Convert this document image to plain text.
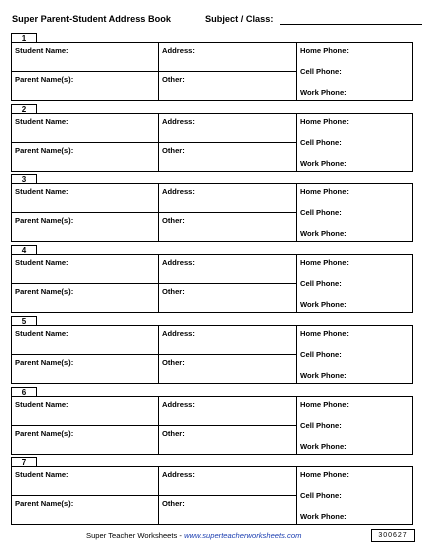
Super Parent-Student Address Book	Subject / Class:
1
Student Name:	Address:	Home Phone:
Parent Name(s):	Other:
Cell Phone:
Work Phone:
2
Student Name:	Address:	Home Phone:
Parent Name(s):	Other:
Cell Phone:
Work Phone:
3
Student Name:	Address:	Home Phone:
Parent Name(s):	Other:
Cell Phone:
Work Phone:
4
Student Name:	Address:	Home Phone:
Parent Name(s):	Other:
Cell Phone:
Work Phone:
5
Student Name:	Address:	Home Phone:
Parent Name(s):	Other:
Cell Phone:
Work Phone:
6
Student Name:	Address:	Home Phone:
Parent Name(s):	Other:
Cell Phone:
Work Phone:
7
Student Name:	Address:	Home Phone:
Parent Name(s):	Other:
Cell Phone:
Work Phone:
Super Teacher Worksheets - www.superteacherworksheets.com	300627
